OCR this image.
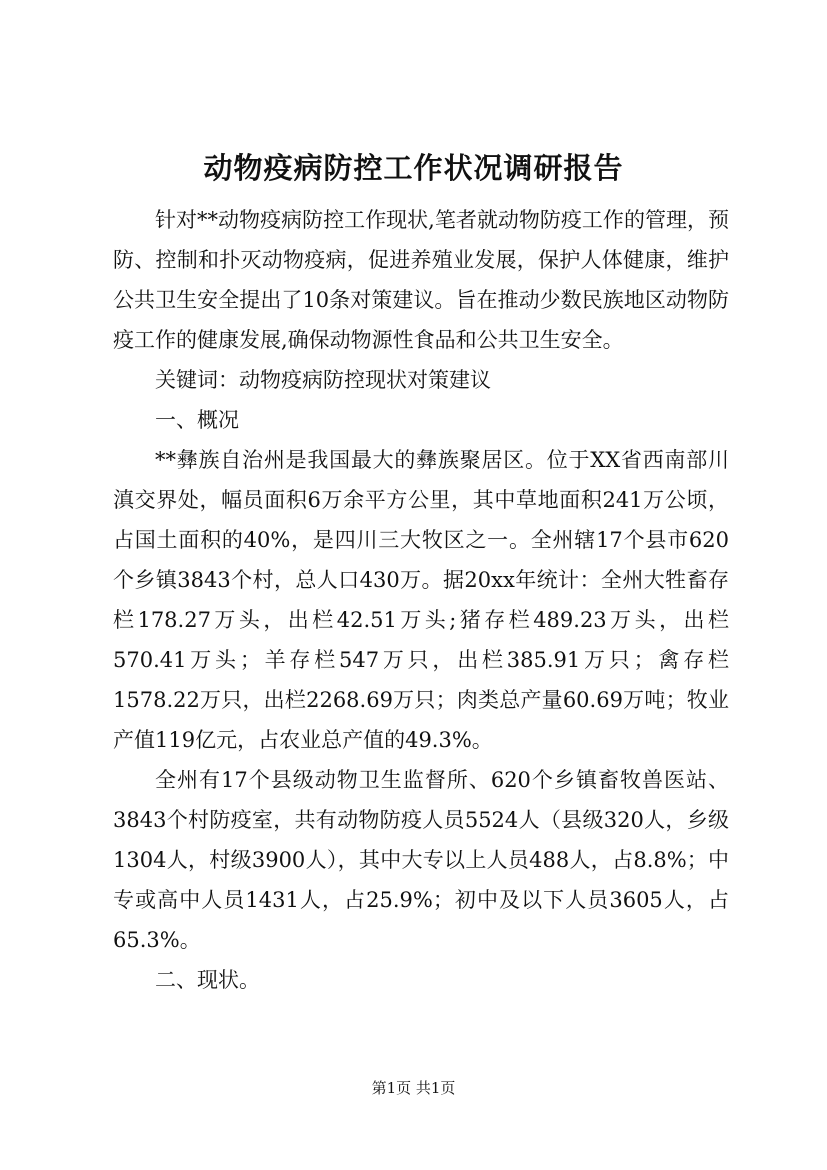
动物疫病防控工作状况调研报告

针对**动物疫病防控工作现状,笔者就动物防疫工作的管理，预防、控制和扑灭动物疫病，促进养殖业发展，保护人体健康，维护公共卫生安全提出了10条对策建议。旨在推动少数民族地区动物防疫工作的健康发展,确保动物源性食品和公共卫生安全。

关键词：动物疫病防控现状对策建议

一、概况

**彝族自治州是我国最大的彝族聚居区。位于XX省西南部川滇交界处，幅员面积6万余平方公里，其中草地面积241万公顷，占国土面积的40%，是四川三大牧区之一。全州辖17个县市620个乡镇3843个村，总人口430万。据20xx年统计：全州大牲畜存栏178.27万头，出栏42.51万头;猪存栏489.23万头，出栏570.41万头；羊存栏547万只，出栏385.91万只；禽存栏1578.22万只，出栏2268.69万只；肉类总产量60.69万吨；牧业产值119亿元，占农业总产值的49.3%。

全州有17个县级动物卫生监督所、620个乡镇畜牧兽医站、3843个村防疫室，共有动物防疫人员5524人（县级320人，乡级1304人，村级3900人），其中大专以上人员488人，占8.8%；中专或高中人员1431人，占25.9%；初中及以下人员3605人，占65.3%。

二、现状。

第1页 共1页
